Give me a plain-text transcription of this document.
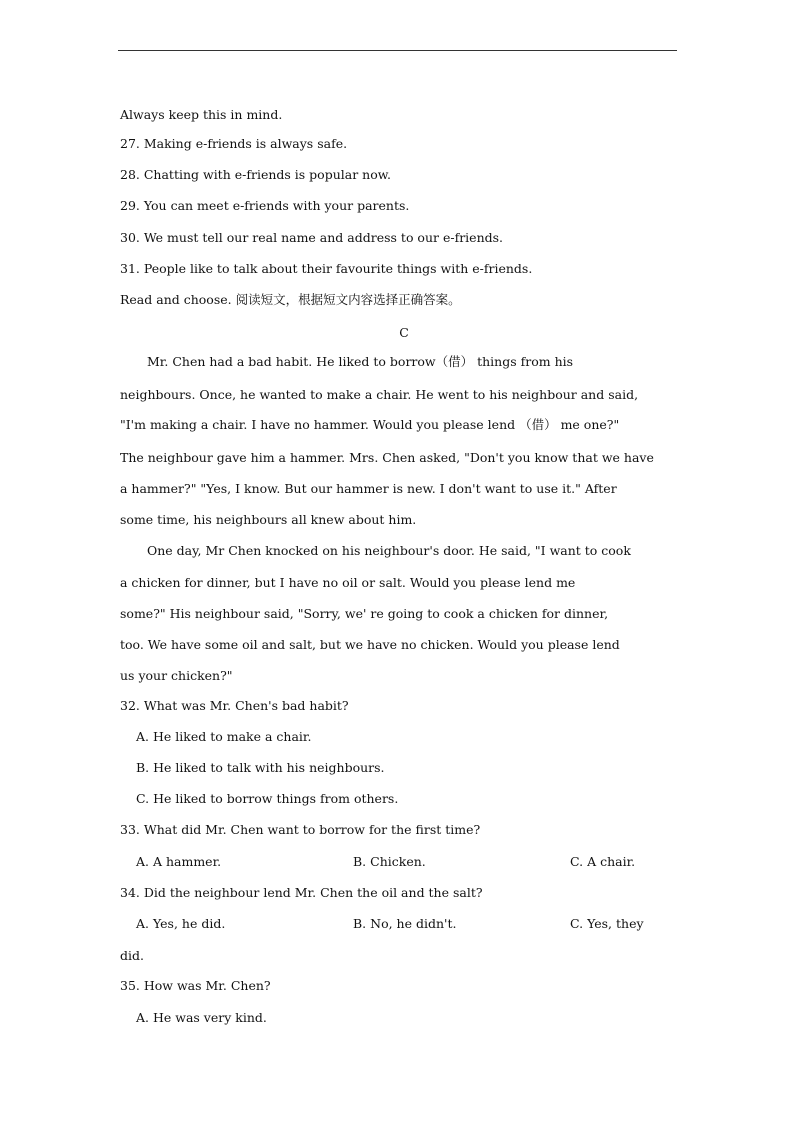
Always keep this in mind.
27. Making e-friends is always safe.
28. Chatting with e-friends is popular now.
29. You can meet e-friends with your parents.
30. We must tell our real name and address to our e-friends.
31. People like to talk about their favourite things with e-friends.
Read and choose. 阅读短文，根据短文内容选择正确答案。
C
Mr. Chen had a bad habit. He liked to borrow（借） things from his
neighbours. Once, he wanted to make a chair. He went to his neighbour and said,
"I'm making a chair. I have no hammer. Would you please lend （借） me one?"
The neighbour gave him a hammer. Mrs. Chen asked, "Don't you know that we have
a hammer?" "Yes, I know. But our hammer is new. I don't want to use it." After
some time, his neighbours all knew about him.
One day, Mr Chen knocked on his neighbour's door. He said, "I want to cook
a chicken for dinner, but I have no oil or salt. Would you please lend me
some?" His neighbour said, "Sorry, we' re going to cook a chicken for dinner,
too. We have some oil and salt, but we have no chicken. Would you please lend
us your chicken?"
32. What was Mr. Chen's bad habit?
A. He liked to make a chair.
B. He liked to talk with his neighbours.
C. He liked to borrow things from others.
33. What did Mr. Chen want to borrow for the first time?
A. A hammer.	B. Chicken.	C. A chair.
34. Did the neighbour lend Mr. Chen the oil and the salt?
A. Yes, he did.	B. No, he didn't.	C. Yes, they
did.
35. How was Mr. Chen?
A. He was very kind.
